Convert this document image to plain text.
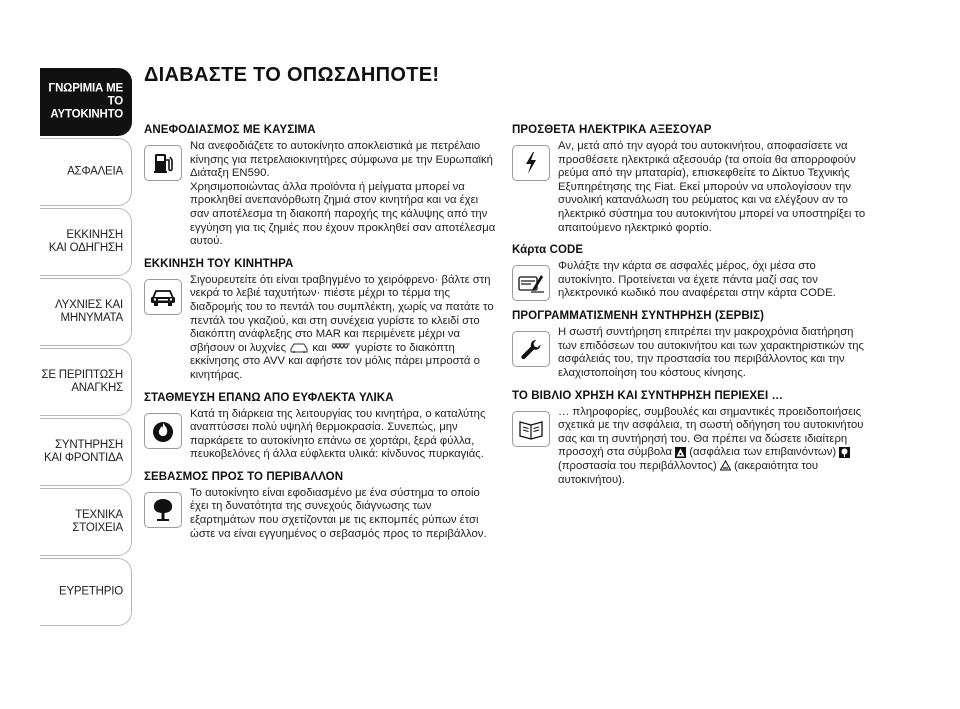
ΓΝΩΡΙΜΙΑ ΜΕ
ΤΟ ΑΥΤΟΚΙΝΗΤΟ
ΑΣΦΑΛΕΙΑ
ΕΚΚΙΝΗΣΗ
ΚΑΙ ΟΔΗΓΗΣΗ
ΛΥΧΝΙΕΣ ΚΑΙ
ΜΗΝΥΜΑΤΑ
ΣΕ ΠΕΡΙΠΤΩΣΗ
ΑΝΑΓΚΗΣ
ΣΥΝΤΗΡΗΣΗ
ΚΑΙ ΦΡΟΝΤΙΔΑ
ΤΕΧΝΙΚΑ
ΣΤΟΙΧΕΙΑ
ΕΥΡΕΤΗΡΙΟ
ΔΙΑΒΑΣΤΕ ΤΟ ΟΠΩΣΔΗΠΟΤΕ!
ΑΝΕΦΟΔΙΑΣΜΟΣ ΜΕ ΚΑΥΣΙΜΑ

Να ανεφοδιάζετε το αυτοκίνητο αποκλειστικά με πετρέλαιο κίνησης για πετρελαιοκινητήρες σύμφωνα με την Ευρωπαϊκή Διάταξη EN590.

Χρησιμοποιώντας άλλα προϊόντα ή μείγματα μπορεί να προκληθεί ανεπανόρθωτη ζημιά στον κινητήρα και να έχει σαν αποτέλεσμα τη διακοπή παροχής της κάλυψης από την εγγύηση για τις ζημιές που έχουν προκληθεί σαν αποτέλεσμα αυτού.

ΕΚΚΙΝΗΣΗ ΤΟΥ ΚΙΝΗΤΗΡΑ

Σιγουρευτείτε ότι είναι τραβηγμένο το χειρόφρενο· βάλτε στη νεκρά το λεβιέ ταχυτήτων· πιέστε μέχρι το τέρμα της διαδρομής του το πεντάλ του συμπλέκτη, χωρίς να πατάτε το πεντάλ του γκαζιού, και στη συνέχεια γυρίστε το κλειδί στο διακόπτη ανάφλεξης στο MAR και περιμένετε μέχρι να σβήσουν οι λυχνίες και	γυρίστε το διακόπτη εκκίνησης στο AVV και αφήστε τον μόλις πάρει μπροστά ο κινητήρας.

ΣΤΑΘΜΕΥΣΗ ΕΠΑΝΩ ΑΠΟ ΕΥΦΛΕΚΤΑ ΥΛΙΚΑ

Κατά τη διάρκεια της λειτουργίας του κινητήρα, ο καταλύτης αναπτύσσει πολύ υψηλή θερμοκρασία. Συνεπώς, μην παρκάρετε το αυτοκίνητο επάνω σε χορτάρι, ξερά φύλλα, πευκοβελόνες ή άλλα εύφλεκτα υλικά: κίνδυνος πυρκαγιάς.

ΣΕΒΑΣΜΟΣ ΠΡΟΣ ΤΟ ΠΕΡΙΒΑΛΛΟΝ

Το αυτοκίνητο είναι εφοδιασμένο με ένα σύστημα το οποίο έχει τη δυνατότητα της συνεχούς διάγνωσης των εξαρτημάτων που σχετίζονται με τις εκπομπές ρύπων έτσι ώστε να είναι εγγυημένος ο σεβασμός προς το περιβάλλον.

ΠΡΟΣΘΕΤΑ ΗΛΕΚΤΡΙΚΑ ΑΞΕΣΟΥΑΡ

Αν, μετά από την αγορά του αυτοκινήτου, αποφασίσετε να προσθέσετε ηλεκτρικά αξεσουάρ (τα οποία θα απορροφούν ρεύμα από την μπαταρία), επισκεφθείτε το Δίκτυο Τεχνικής Εξυπηρέτησης της Fiat. Εκεί μπορούν να υπολογίσουν την συνολική κατανάλωση του ρεύματος και να ελέγξουν αν το ηλεκτρικό σύστημα του αυτοκινήτου μπορεί να υποστηρίξει το απαιτούμενο ηλεκτρικό φορτίο.

Κάρτα CODE

Φυλάξτε την κάρτα σε ασφαλές μέρος, όχι μέσα στο αυτοκίνητο. Προτείνεται να έχετε πάντα μαζί σας τον ηλεκτρονικό κωδικό που αναφέρεται στην κάρτα CODE.

ΠΡΟΓΡΑΜΜΑΤΙΣΜΕΝΗ ΣΥΝΤΗΡΗΣΗ (ΣΕΡΒΙΣ)

Η σωστή συντήρηση επιτρέπει την μακροχρόνια διατήρηση των επιδόσεων του αυτοκινήτου και των χαρακτηριστικών της ασφάλειάς του, την προστασία του περιβάλλοντος και την ελαχιστοποίηση του κόστους κίνησης.

ΤΟ ΒΙΒΛΙΟ ΧΡΗΣΗ ΚΑΙ ΣΥΝΤΗΡΗΣΗ ΠΕΡΙΕΧΕΙ …

… πληροφορίες, συμβουλές και σημαντικές προειδοποιήσεις σχετικά με την ασφάλεια, τη σωστή οδήγηση του αυτοκινήτου σας και τη συντήρησή του. Θα πρέπει να δώσετε ιδιαίτερη προσοχή στα σύμβολα (ασφάλεια των επιβαινόντων)  (προστασία του περιβάλλοντος) (ακεραιότητα του αυτοκινήτου).
